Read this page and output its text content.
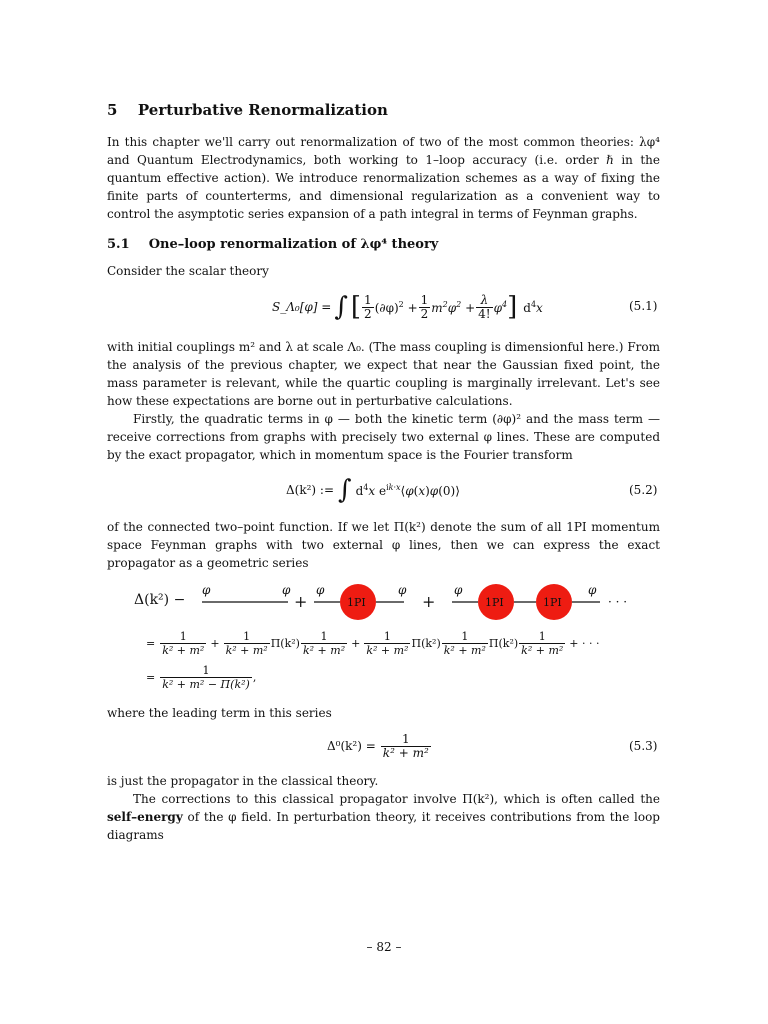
5 Perturbative Renormalization
In this chapter we'll carry out renormalization of two of the most common theories: λφ⁴ and Quantum Electrodynamics, both working to 1–loop accuracy (i.e. order ℏ in the quantum effective action). We introduce renormalization schemes as a way of fixing the finite parts of counterterms, and dimensional regularization as a convenient way to control the asymptotic series expansion of a path integral in terms of Feynman graphs.
5.1 One–loop renormalization of λφ⁴ theory
Consider the scalar theory
S_Λ₀[φ] = ∫ [ $\frac{1}{2} (\partial\varphi)^2 + \frac{1}{2} m^2\varphi^2 + \frac{\lambda}{4!} \varphi^4$ ] $d^4x$	(5.1)
with initial couplings m² and λ at scale Λ₀. (The mass coupling is dimensionful here.) From the analysis of the previous chapter, we expect that near the Gaussian fixed point, the mass parameter is relevant, while the quartic coupling is marginally irrelevant. Let's see how these expectations are borne out in perturbative calculations.
Firstly, the quadratic terms in φ — both the kinetic term (∂φ)² and the mass term — receive corrections from graphs with precisely two external φ lines. These are computed by the exact propagator, which in momentum space is the Fourier transform
Δ(k²) := ∫ $d^4x$ $e^{ik\cdot x}⟨\varphi(x)\varphi(0)⟩$	(5.2)
of the connected two–point function. If we let Π(k²) denote the sum of all 1PI momentum space Feynman graphs with two external φ lines, then we can express the exact propagator as a geometric series
Δ(k²) −
φ	φ
+	1PI
φ	φ
+	1PI	1PI
φ	φ
· · ·
= $\frac{1}{\text{k² + m²}} + \frac{1}{\text{k² + m²}} \Pi(k^2) \frac{1}{\text{k² + m²}} + \frac{1}{\text{k² + m²}} \Pi(k^2) \frac{1}{\text{k² + m²}} \Pi(k^2) \frac{1}{\text{k² + m²}}$ + · · ·
= $\frac{1}{\text{k² + m² − Π(k²)}}$ ,
where the leading term in this series
$\Delta^0(k^2) = \frac{1}{\text{k² + m²}}$	(5.3)
is just the propagator in the classical theory.
The corrections to this classical propagator involve Π(k²), which is often called the self–energy of the φ field. In perturbation theory, it receives contributions from the loop diagrams
– 82 –
